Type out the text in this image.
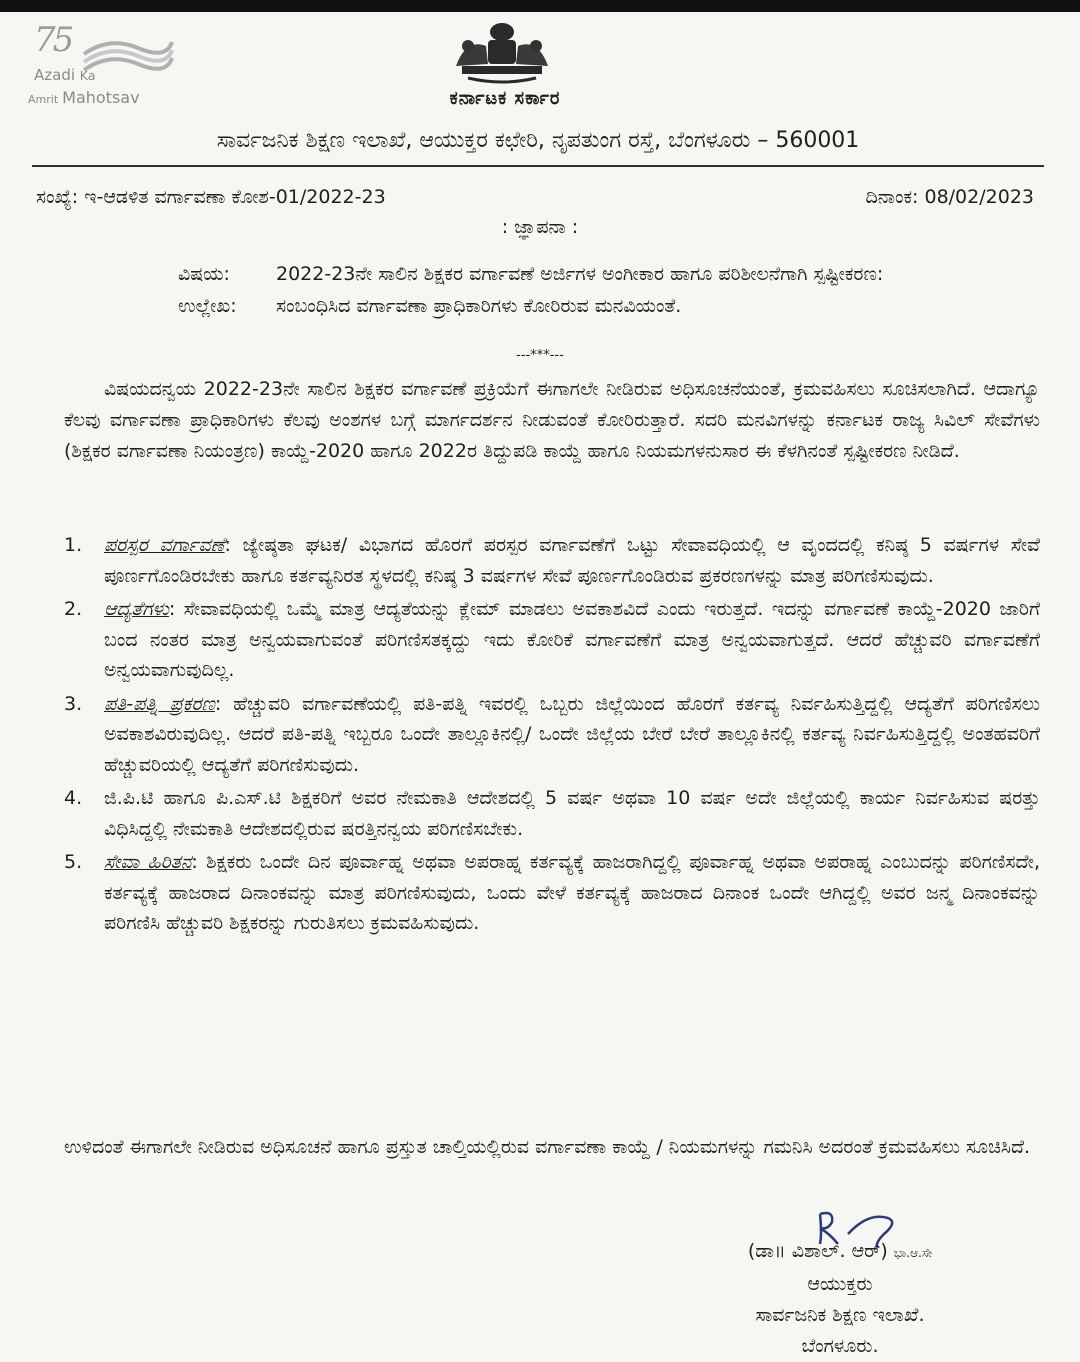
75
Azadi Ka
Amrit Mahotsav	ಕರ್ನಾಟಕ ಸರ್ಕಾರ
ಸಾರ್ವಜನಿಕ ಶಿಕ್ಷಣ ಇಲಾಖೆ, ಆಯುಕ್ತರ ಕಛೇರಿ, ನೃಪತುಂಗ ರಸ್ತೆ, ಬೆಂಗಳೂರು – 560001
ಸಂಖ್ಯೆ: ಇ-ಆಡಳಿತ ವರ್ಗಾವಣಾ ಕೋಶ-01/2022-23	ದಿನಾಂಕ: 08/02/2023
: ಜ್ಞಾಪನಾ :
ವಿಷಯ:	2022-23ನೇ ಸಾಲಿನ ಶಿಕ್ಷಕರ ವರ್ಗಾವಣೆ ಅರ್ಜಿಗಳ ಅಂಗೀಕಾರ ಹಾಗೂ ಪರಿಶೀಲನೆಗಾಗಿ ಸ್ಪಷ್ಟೀಕರಣ:
ಉಲ್ಲೇಖ:	ಸಂಬಂಧಿಸಿದ ವರ್ಗಾವಣಾ ಪ್ರಾಧಿಕಾರಿಗಳು ಕೋರಿರುವ ಮನವಿಯಂತೆ.
---***---
ವಿಷಯದನ್ವಯ 2022-23ನೇ ಸಾಲಿನ ಶಿಕ್ಷಕರ ವರ್ಗಾವಣೆ ಪ್ರಕ್ರಿಯೆಗೆ ಈಗಾಗಲೇ ನೀಡಿರುವ ಅಧಿಸೂಚನೆಯಂತೆ, ಕ್ರಮವಹಿಸಲು ಸೂಚಿಸಲಾಗಿದೆ. ಆದಾಗ್ಯೂ ಕೆಲವು ವರ್ಗಾವಣಾ ಪ್ರಾಧಿಕಾರಿಗಳು ಕೆಲವು ಅಂಶಗಳ ಬಗ್ಗೆ ಮಾರ್ಗದರ್ಶನ ನೀಡುವಂತೆ ಕೋರಿರುತ್ತಾರೆ. ಸದರಿ ಮನವಿಗಳನ್ನು ಕರ್ನಾಟಕ ರಾಜ್ಯ ಸಿವಿಲ್ ಸೇವೆಗಳು (ಶಿಕ್ಷಕರ ವರ್ಗಾವಣಾ ನಿಯಂತ್ರಣ) ಕಾಯ್ದೆ-2020 ಹಾಗೂ 2022ರ ತಿದ್ದುಪಡಿ ಕಾಯ್ದೆ ಹಾಗೂ ನಿಯಮಗಳನುಸಾರ ಈ ಕೆಳಗಿನಂತೆ ಸ್ಪಷ್ಟೀಕರಣ ನೀಡಿದೆ.
1.	ಪರಸ್ಪರ ವರ್ಗಾವಣೆ: ಜ್ಯೇಷ್ಠತಾ ಘಟಕ/ ವಿಭಾಗದ ಹೊರಗೆ ಪರಸ್ಪರ ವರ್ಗಾವಣೆಗೆ ಒಟ್ಟು ಸೇವಾವಧಿಯಲ್ಲಿ ಆ ವೃಂದದಲ್ಲಿ ಕನಿಷ್ಠ 5 ವರ್ಷಗಳ ಸೇವೆ ಪೂರ್ಣಗೊಂಡಿರಬೇಕು ಹಾಗೂ ಕರ್ತವ್ಯನಿರತ ಸ್ಥಳದಲ್ಲಿ ಕನಿಷ್ಠ 3 ವರ್ಷಗಳ ಸೇವೆ ಪೂರ್ಣಗೊಂಡಿರುವ ಪ್ರಕರಣಗಳನ್ನು ಮಾತ್ರ ಪರಿಗಣಿಸುವುದು.
2.	ಆದ್ಯತೆಗಳು: ಸೇವಾವಧಿಯಲ್ಲಿ ಒಮ್ಮೆ ಮಾತ್ರ ಆದ್ಯತೆಯನ್ನು ಕ್ಲೇಮ್ ಮಾಡಲು ಅವಕಾಶವಿದೆ ಎಂದು ಇರುತ್ತದೆ. ಇದನ್ನು ವರ್ಗಾವಣೆ ಕಾಯ್ದೆ-2020 ಜಾರಿಗೆ ಬಂದ ನಂತರ ಮಾತ್ರ ಅನ್ವಯವಾಗುವಂತೆ ಪರಿಗಣಿಸತಕ್ಕದ್ದು ಇದು ಕೋರಿಕೆ ವರ್ಗಾವಣೆಗೆ ಮಾತ್ರ ಅನ್ವಯವಾಗುತ್ತದೆ. ಆದರೆ ಹೆಚ್ಚುವರಿ ವರ್ಗಾವಣೆಗೆ ಅನ್ವಯವಾಗುವುದಿಲ್ಲ.
3.	ಪತಿ-ಪತ್ನಿ ಪ್ರಕರಣ: ಹೆಚ್ಚುವರಿ ವರ್ಗಾವಣೆಯಲ್ಲಿ ಪತಿ-ಪತ್ನಿ ಇವರಲ್ಲಿ ಒಬ್ಬರು ಜಿಲ್ಲೆಯಿಂದ ಹೊರಗೆ ಕರ್ತವ್ಯ ನಿರ್ವಹಿಸುತ್ತಿದ್ದಲ್ಲಿ ಆದ್ಯತೆಗೆ ಪರಿಗಣಿಸಲು ಅವಕಾಶವಿರುವುದಿಲ್ಲ. ಆದರೆ ಪತಿ-ಪತ್ನಿ ಇಬ್ಬರೂ ಒಂದೇ ತಾಲ್ಲೂಕಿನಲ್ಲಿ/ ಒಂದೇ ಜಿಲ್ಲೆಯ ಬೇರೆ ಬೇರೆ ತಾಲ್ಲೂಕಿನಲ್ಲಿ ಕರ್ತವ್ಯ ನಿರ್ವಹಿಸುತ್ತಿದ್ದಲ್ಲಿ ಅಂತಹವರಿಗೆ ಹೆಚ್ಚುವರಿಯಲ್ಲಿ ಆದ್ಯತೆಗೆ ಪರಿಗಣಿಸುವುದು.
4.	ಜಿ.ಪಿ.ಟಿ ಹಾಗೂ ಪಿ.ಎಸ್.ಟಿ ಶಿಕ್ಷಕರಿಗೆ ಅವರ ನೇಮಕಾತಿ ಆದೇಶದಲ್ಲಿ 5 ವರ್ಷ ಅಥವಾ 10 ವರ್ಷ ಅದೇ ಜಿಲ್ಲೆಯಲ್ಲಿ ಕಾರ್ಯ ನಿರ್ವಹಿಸುವ ಷರತ್ತು ವಿಧಿಸಿದ್ದಲ್ಲಿ ನೇಮಕಾತಿ ಆದೇಶದಲ್ಲಿರುವ ಷರತ್ತಿನನ್ವಯ ಪರಿಗಣಿಸಬೇಕು.
5.	ಸೇವಾ ಹಿರಿತನ: ಶಿಕ್ಷಕರು ಒಂದೇ ದಿನ ಪೂರ್ವಾಹ್ನ ಅಥವಾ ಅಪರಾಹ್ನ ಕರ್ತವ್ಯಕ್ಕೆ ಹಾಜರಾಗಿದ್ದಲ್ಲಿ ಪೂರ್ವಾಹ್ನ ಅಥವಾ ಅಪರಾಹ್ನ ಎಂಬುದನ್ನು ಪರಿಗಣಿಸದೇ, ಕರ್ತವ್ಯಕ್ಕೆ ಹಾಜರಾದ ದಿನಾಂಕವನ್ನು ಮಾತ್ರ ಪರಿಗಣಿಸುವುದು, ಒಂದು ವೇಳೆ ಕರ್ತವ್ಯಕ್ಕೆ ಹಾಜರಾದ ದಿನಾಂಕ ಒಂದೇ ಆಗಿದ್ದಲ್ಲಿ ಅವರ ಜನ್ಮ ದಿನಾಂಕವನ್ನು ಪರಿಗಣಿಸಿ ಹೆಚ್ಚುವರಿ ಶಿಕ್ಷಕರನ್ನು ಗುರುತಿಸಲು ಕ್ರಮವಹಿಸುವುದು.
ಉಳಿದಂತೆ ಈಗಾಗಲೇ ನೀಡಿರುವ ಅಧಿಸೂಚನೆ ಹಾಗೂ ಪ್ರಸ್ತುತ ಚಾಲ್ತಿಯಲ್ಲಿರುವ ವರ್ಗಾವಣಾ ಕಾಯ್ದೆ / ನಿಯಮಗಳನ್ನು ಗಮನಿಸಿ ಅದರಂತೆ ಕ್ರಮವಹಿಸಲು ಸೂಚಿಸಿದೆ.
(ಡಾ॥ ವಿಶಾಲ್. ಆರ್) ಭಾ.ಆ.ಸೇ
ಆಯುಕ್ತರು
ಸಾರ್ವಜನಿಕ ಶಿಕ್ಷಣ ಇಲಾಖೆ.
ಬೆಂಗಳೂರು.
